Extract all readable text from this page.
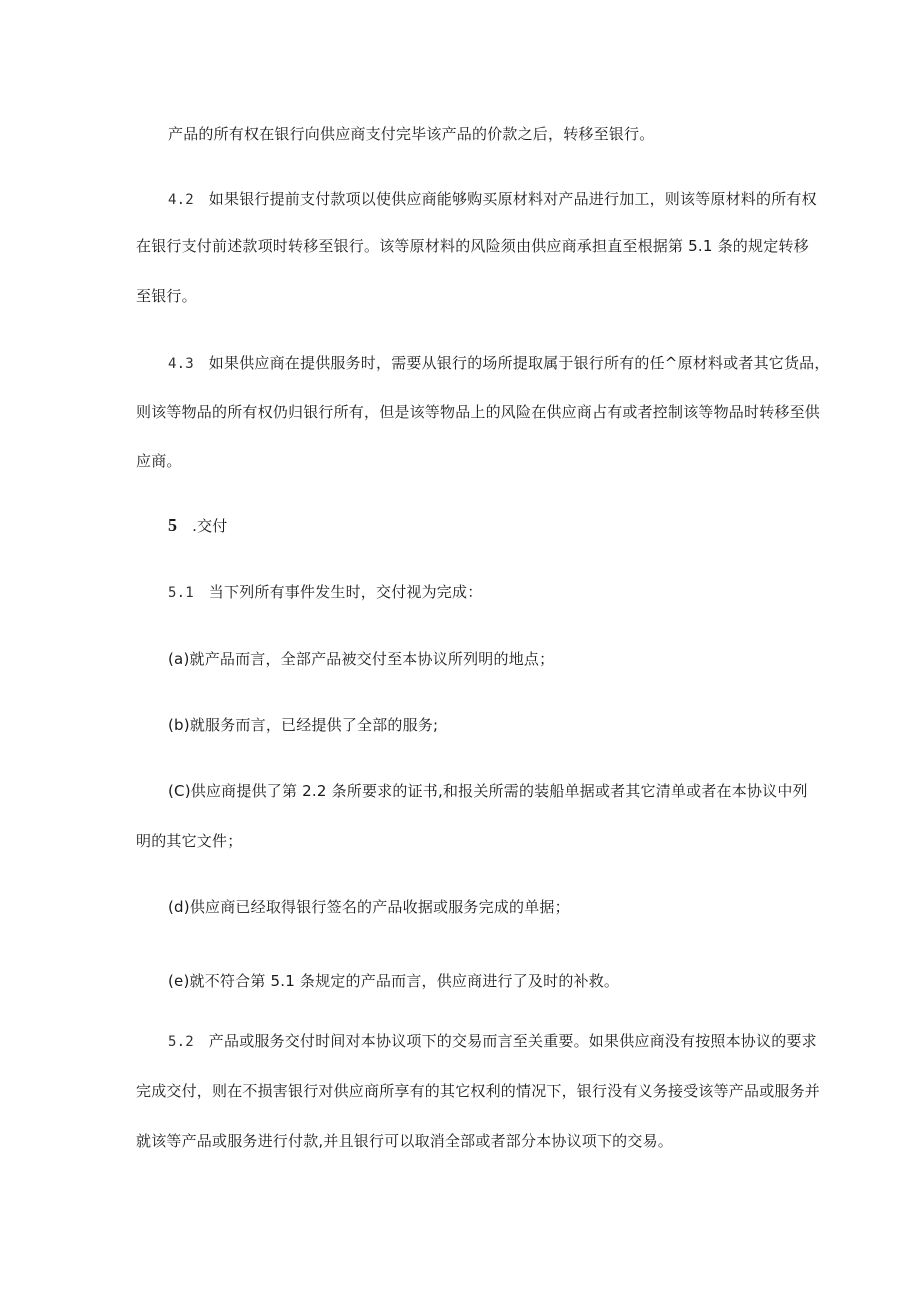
产品的所有权在银行向供应商支付完毕该产品的价款之后，转移至银行。
4.2 如果银行提前支付款项以使供应商能够购买原材料对产品进行加工，则该等原材料的所有权
在银行支付前述款项时转移至银行。该等原材料的风险须由供应商承担直至根据第 5.1 条的规定转移
至银行。
4.3 如果供应商在提供服务时，需要从银行的场所提取属于银行所有的任^原材料或者其它货品，
则该等物品的所有权仍归银行所有，但是该等物品上的风险在供应商占有或者控制该等物品时转移至供
应商。
5 .交付
5.1 当下列所有事件发生时，交付视为完成：
(a)就产品而言，全部产品被交付至本协议所列明的地点；
(b)就服务而言，已经提供了全部的服务;
(C)供应商提供了第 2.2 条所要求的证书,和报关所需的装船单据或者其它清单或者在本协议中列
明的其它文件；
(d)供应商已经取得银行签名的产品收据或服务完成的单据；
(e)就不符合第 5.1 条规定的产品而言，供应商进行了及时的补救。
5.2 产品或服务交付时间对本协议项下的交易而言至关重要。如果供应商没有按照本协议的要求
完成交付，则在不损害银行对供应商所享有的其它权利的情况下，银行没有义务接受该等产品或服务并
就该等产品或服务进行付款,并且银行可以取消全部或者部分本协议项下的交易。
